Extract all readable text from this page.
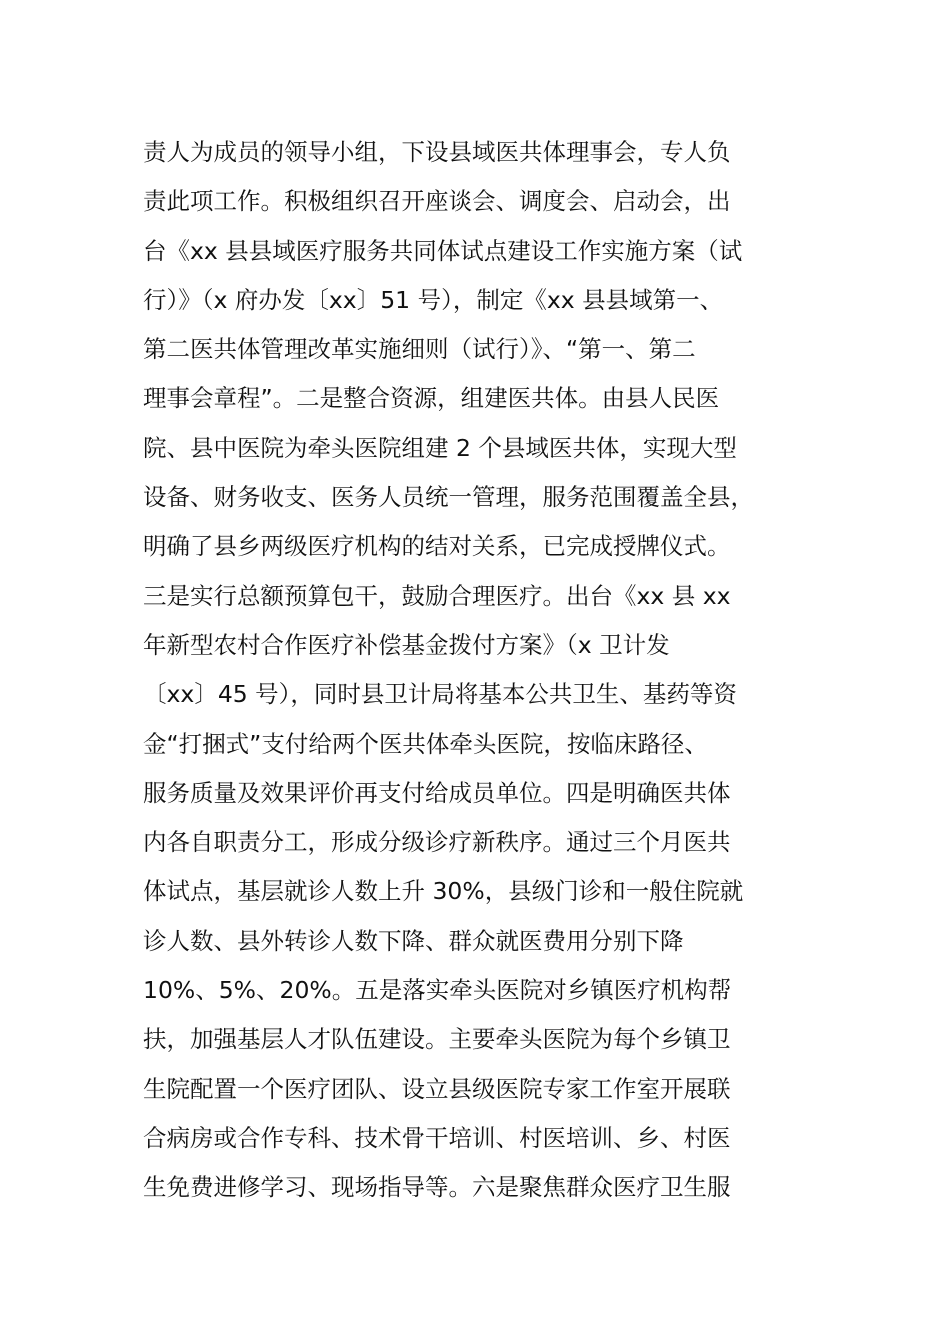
责人为成员的领导小组，下设县域医共体理事会，专人负
责此项工作。积极组织召开座谈会、调度会、启动会，出
台《xx 县县域医疗服务共同体试点建设工作实施方案（试
行）》（x 府办发〔xx〕51 号），制定《xx 县县域第一、
第二医共体管理改革实施细则（试行）》、“第一、第二
理事会章程”。二是整合资源，组建医共体。由县人民医
院、县中医院为牵头医院组建 2 个县域医共体，实现大型
设备、财务收支、医务人员统一管理，服务范围覆盖全县，
明确了县乡两级医疗机构的结对关系，已完成授牌仪式。
三是实行总额预算包干，鼓励合理医疗。出台《xx 县 xx
年新型农村合作医疗补偿基金拨付方案》（x 卫计发
〔xx〕45 号），同时县卫计局将基本公共卫生、基药等资
金“打捆式”支付给两个医共体牵头医院，按临床路径、
服务质量及效果评价再支付给成员单位。四是明确医共体
内各自职责分工，形成分级诊疗新秩序。通过三个月医共
体试点，基层就诊人数上升 30%，县级门诊和一般住院就
诊人数、县外转诊人数下降、群众就医费用分别下降
10%、5%、20%。五是落实牵头医院对乡镇医疗机构帮
扶，加强基层人才队伍建设。主要牵头医院为每个乡镇卫
生院配置一个医疗团队、设立县级医院专家工作室开展联
合病房或合作专科、技术骨干培训、村医培训、乡、村医
生免费进修学习、现场指导等。六是聚焦群众医疗卫生服
